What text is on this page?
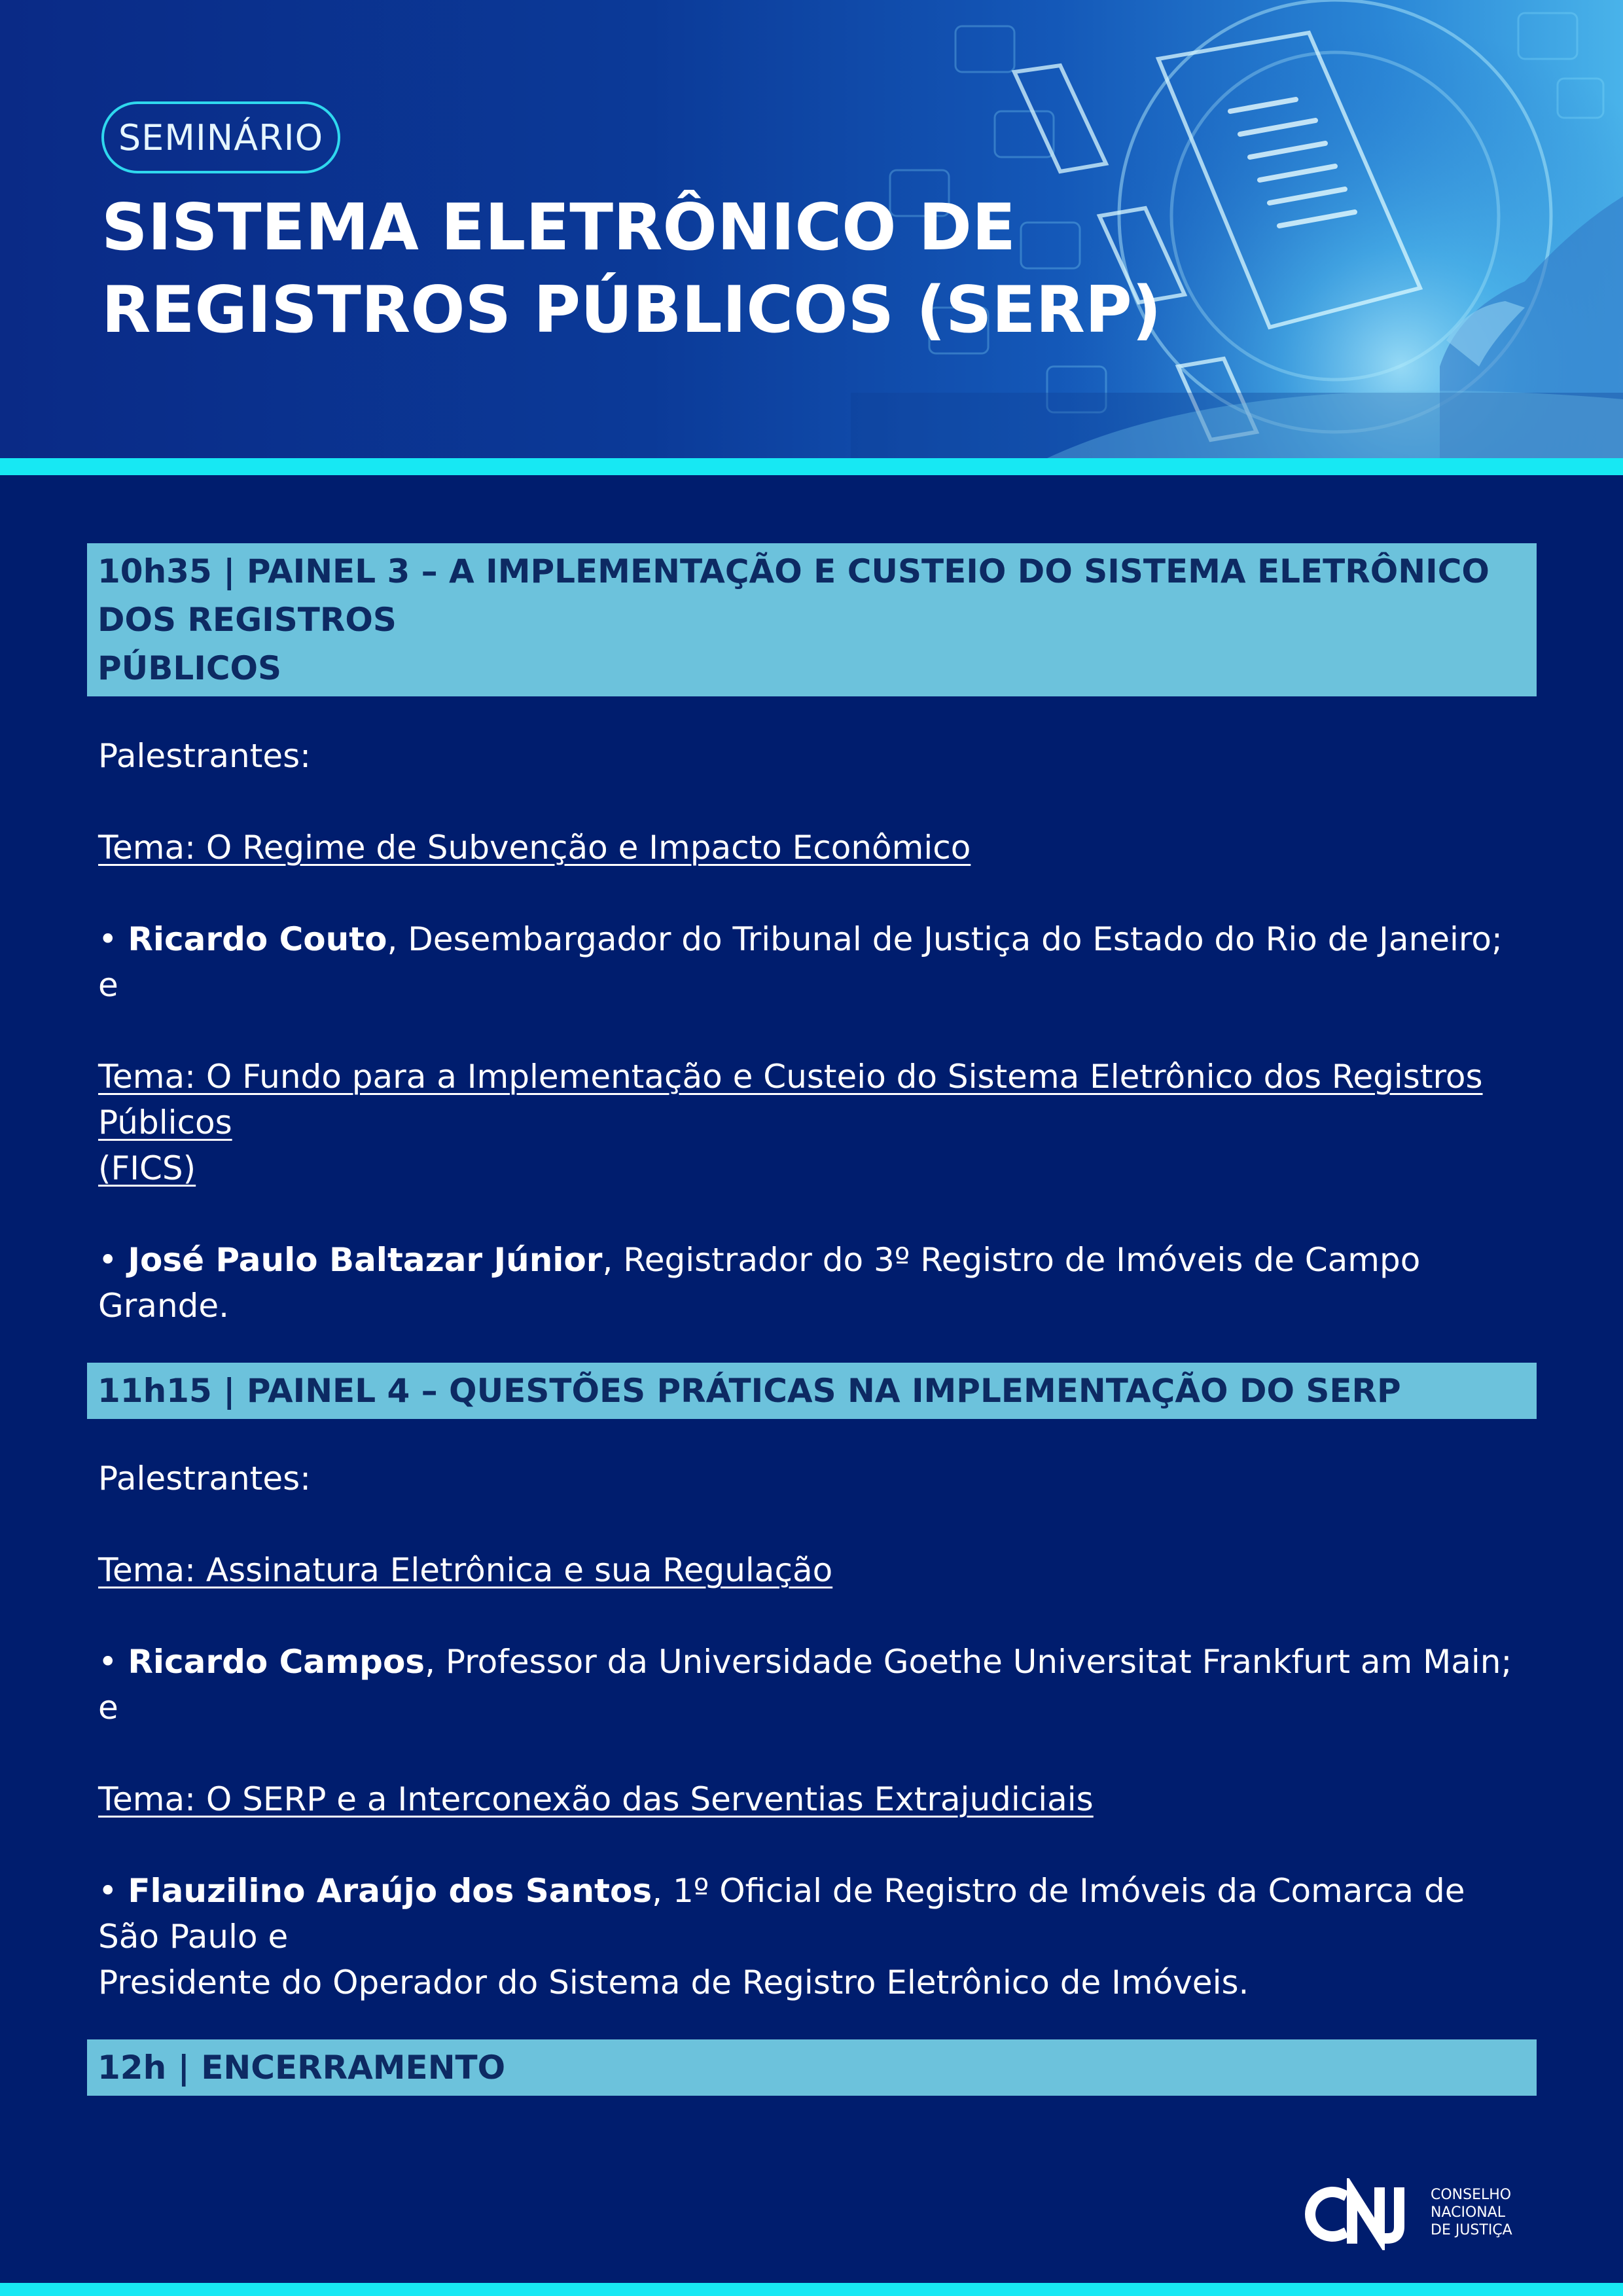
SEMINÁRIO
SISTEMA ELETRÔNICO DE
REGISTROS PÚBLICOS (SERP)
10h35 | PAINEL 3 – A IMPLEMENTAÇÃO E CUSTEIO DO SISTEMA ELETRÔNICO DOS REGISTROS
PÚBLICOS
Palestrantes:
Tema: O Regime de Subvenção e Impacto Econômico
• Ricardo Couto, Desembargador do Tribunal de Justiça do Estado do Rio de Janeiro; e
Tema: O Fundo para a Implementação e Custeio do Sistema Eletrônico dos Registros Públicos
(FICS)
• José Paulo Baltazar Júnior, Registrador do 3º Registro de Imóveis de Campo Grande.
11h15 | PAINEL 4 – QUESTÕES PRÁTICAS NA IMPLEMENTAÇÃO DO SERP
Palestrantes:
Tema: Assinatura Eletrônica e sua Regulação
• Ricardo Campos, Professor da Universidade Goethe Universitat Frankfurt am Main; e
Tema: O SERP e a Interconexão das Serventias Extrajudiciais
• Flauzilino Araújo dos Santos, 1º Oficial de Registro de Imóveis da Comarca de São Paulo e
Presidente do Operador do Sistema de Registro Eletrônico de Imóveis.
12h | ENCERRAMENTO
CONSELHO
NACIONAL
DE JUSTIÇA
